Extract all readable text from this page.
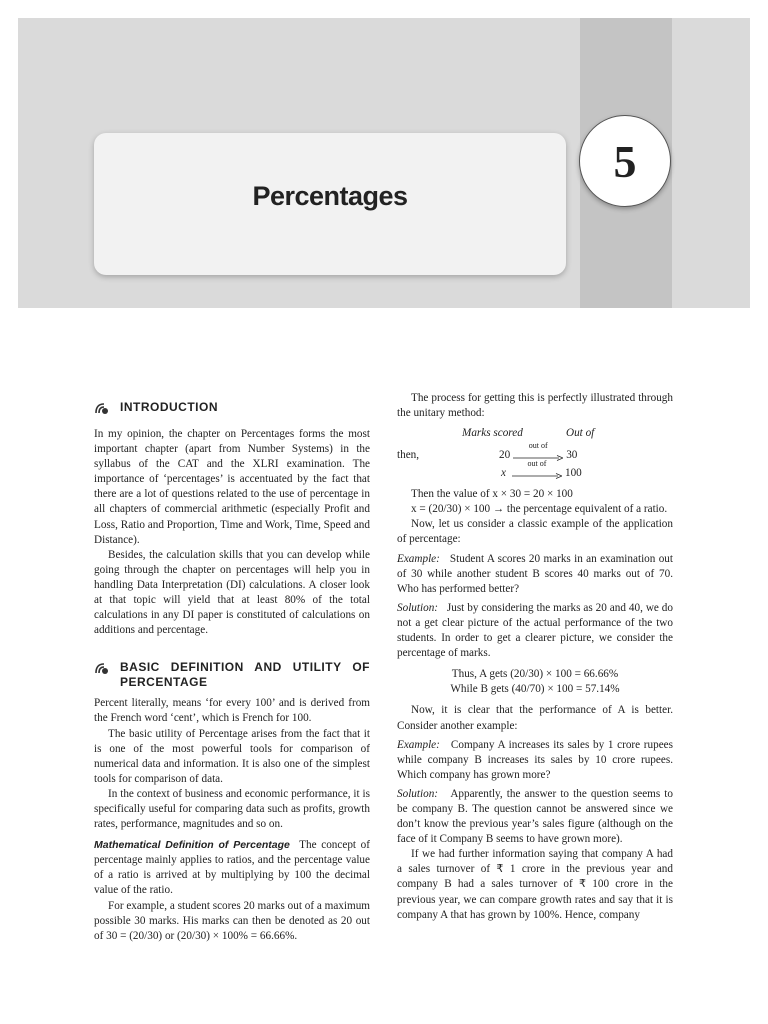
Percentages
5
INTRODUCTION

In my opinion, the chapter on Percentages forms the most important chapter (apart from Number Systems) in the syllabus of the CAT and the XLRI examination. The importance of ‘percentages’ is accentuated by the fact that there are a lot of questions related to the use of percentage in all chapters of commercial arithmetic (especially Profit and Loss, Ratio and Proportion, Time and Work, Time, Speed and Distance).

Besides, the calculation skills that you can develop while going through the chapter on percentages will help you in handling Data Interpretation (DI) calculations. A closer look at that topic will yield that at least 80% of the total calculations in any DI paper is constituted of calculations on additions and percentage.

BASIC DEFINITION AND UTILITY OF PERCENTAGE

Percent literally, means ‘for every 100’ and is derived from the French word ‘cent’, which is French for 100.

The basic utility of Percentage arises from the fact that it is one of the most powerful tools for comparison of numerical data and information. It is also one of the simplest tools for comparison of data.

In the context of business and economic performance, it is specifically useful for comparing data such as profits, growth rates, performance, magnitudes and so on.

Mathematical Definition of Percentage The concept of percentage mainly applies to ratios, and the percentage value of a ratio is arrived at by multiplying by 100 the decimal value of the ratio.

For example, a student scores 20 marks out of a maximum possible 30 marks. His marks can then be denoted as 20 out of 30 = (20/30) or (20/30) × 100% = 66.66%.

The process for getting this is perfectly illustrated through the unitary method:

Marks scored	Out of
then,	20
out of
30
x
out of
100

Then the value of x × 30 = 20 × 100

x = (20/30) × 100 → the percentage equivalent of a ratio.

Now, let us consider a classic example of the application of percentage:

Example: Student A scores 20 marks in an examination out of 30 while another student B scores 40 marks out of 70. Who has performed better?

Solution: Just by considering the marks as 20 and 40, we do not a get clear picture of the actual performance of the two students. In order to get a clearer picture, we consider the percentage of marks.

Thus, A gets (20/30) × 100 = 66.66%

While B gets (40/70) × 100 = 57.14%

Now, it is clear that the performance of A is better. Consider another example:

Example: Company A increases its sales by 1 crore rupees while company B increases its sales by 10 crore rupees. Which company has grown more?

Solution: Apparently, the answer to the question seems to be company B. The question cannot be answered since we don’t know the previous year’s sales figure (although on the face of it Company B seems to have grown more).

If we had further information saying that company A had a sales turnover of ₹ 1 crore in the previous year and company B had a sales turnover of ₹ 100 crore in the previous year, we can compare growth rates and say that it is company A that has grown by 100%. Hence, company
